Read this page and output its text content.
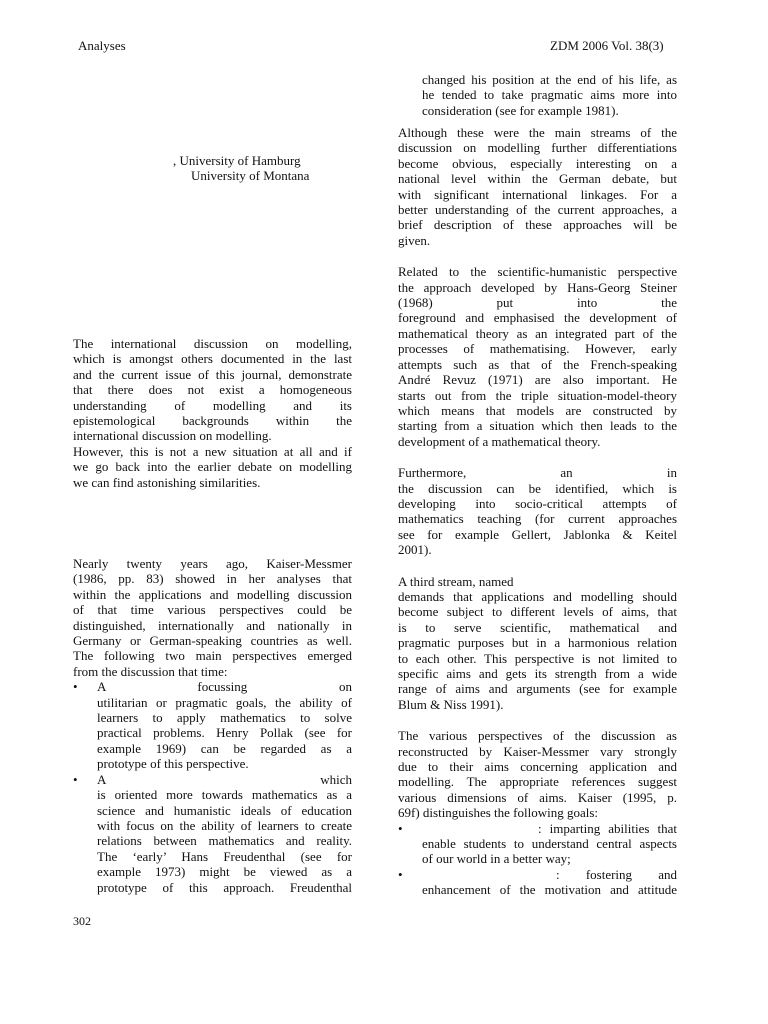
Analyses	ZDM 2006 Vol. 38(3)
, University of Hamburg
University of Montana
The international discussion on modelling,
which is amongst others documented in the last
and the current issue of this journal, demonstrate
that there does not exist a homogeneous
understanding of modelling and its
epistemological backgrounds within the
international discussion on modelling.
However, this is not a new situation at all and if
we go back into the earlier debate on modelling
we can find astonishing similarities.
Nearly twenty years ago, Kaiser-Messmer
(1986, pp. 83) showed in her analyses that
within the applications and modelling discussion
of that time various perspectives could be
distinguished, internationally and nationally in
Germany or German-speaking countries as well.
The following two main perspectives emerged
from the discussion that time:
• A	focussing on
utilitarian or pragmatic goals, the ability of
learners to apply mathematics to solve
practical problems. Henry Pollak (see for
example 1969) can be regarded as a
prototype of this perspective.
• A	which
is oriented more towards mathematics as a
science and humanistic ideals of education
with focus on the ability of learners to create
relations between mathematics and reality.
The ‘early’ Hans Freudenthal (see for
example 1973) might be viewed as a
prototype of this approach. Freudenthal
changed his position at the end of his life, as
he tended to take pragmatic aims more into
consideration (see for example 1981).
Although these were the main streams of the
discussion on modelling further differentiations
become obvious, especially interesting on a
national level within the German debate, but
with significant international linkages. For a
better understanding of the current approaches, a
brief description of these approaches will be
given.
Related to the scientific-humanistic perspective
the approach developed by Hans-Georg Steiner
(1968) put	into the
foreground and emphasised the development of
mathematical theory as an integrated part of the
processes of mathematising. However, early
attempts such as that of the French-speaking
André Revuz (1971) are also important. He
starts out from the triple situation-model-theory
which means that models are constructed by
starting from a situation which then leads to the
development of a mathematical theory.
Furthermore, an	in
the discussion can be identified, which is
developing into socio-critical attempts of
mathematics teaching (for current approaches
see for example Gellert, Jablonka & Keitel
2001).
A third stream, named
demands that applications and modelling should
become subject to different levels of aims, that
is to serve scientific, mathematical and
pragmatic purposes but in a harmonious relation
to each other. This perspective is not limited to
specific aims and gets its strength from a wide
range of aims and arguments (see for example
Blum & Niss 1991).
The various perspectives of the discussion as
reconstructed by Kaiser-Messmer vary strongly
due to their aims concerning application and
modelling. The appropriate references suggest
various dimensions of aims. Kaiser (1995, p.
69f) distinguishes the following goals:
•	: imparting abilities that
enable students to understand central aspects
of our world in a better way;
•	: fostering and
enhancement of the motivation and attitude
302
